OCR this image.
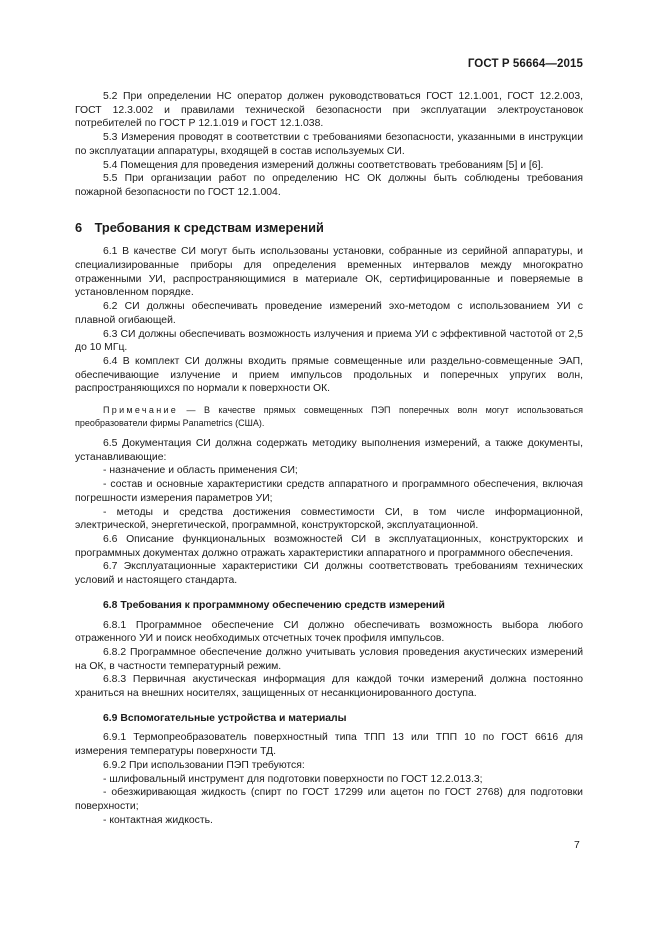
ГОСТ Р 56664—2015

5.2 При определении НС оператор должен руководствоваться ГОСТ 12.1.001, ГОСТ 12.2.003, ГОСТ 12.3.002 и правилами технической безопасности при эксплуатации электроустановок потребителей по ГОСТ Р 12.1.019 и ГОСТ 12.1.038.

5.3 Измерения проводят в соответствии с требованиями безопасности, указанными в инструкции по эксплуатации аппаратуры, входящей в состав используемых СИ.

5.4 Помещения для проведения измерений должны соответствовать требованиям [5] и [6].

5.5 При организации работ по определению НС ОК должны быть соблюдены требования пожарной безопасности по ГОСТ 12.1.004.

6 Требования к средствам измерений

6.1 В качестве СИ могут быть использованы установки, собранные из серийной аппаратуры, и специализированные приборы для определения временных интервалов между многократно отраженными УИ, распространяющимися в материале ОК, сертифицированные и поверяемые в установленном порядке.

6.2 СИ должны обеспечивать проведение измерений эхо-методом с использованием УИ с плавной огибающей.

6.3 СИ должны обеспечивать возможность излучения и приема УИ с эффективной частотой от 2,5 до 10 МГц.

6.4 В комплект СИ должны входить прямые совмещенные или раздельно-совмещенные ЭАП, обеспечивающие излучение и прием импульсов продольных и поперечных упругих волн, распространяющихся по нормали к поверхности ОК.

Примечание — В качестве прямых совмещенных ПЭП поперечных волн могут использоваться преобразователи фирмы Panametrics (США).

6.5 Документация СИ должна содержать методику выполнения измерений, а также документы, устанавливающие:

- назначение и область применения СИ;

- состав и основные характеристики средств аппаратного и программного обеспечения, включая погрешности измерения параметров УИ;

- методы и средства достижения совместимости СИ, в том числе информационной, электрической, энергетической, программной, конструкторской, эксплуатационной.

6.6 Описание функциональных возможностей СИ в эксплуатационных, конструкторских и программных документах должно отражать характеристики аппаратного и программного обеспечения.

6.7 Эксплуатационные характеристики СИ должны соответствовать требованиям технических условий и настоящего стандарта.

6.8 Требования к программному обеспечению средств измерений

6.8.1 Программное обеспечение СИ должно обеспечивать возможность выбора любого отраженного УИ и поиск необходимых отсчетных точек профиля импульсов.

6.8.2 Программное обеспечение должно учитывать условия проведения акустических измерений на ОК, в частности температурный режим.

6.8.3 Первичная акустическая информация для каждой точки измерений должна постоянно храниться на внешних носителях, защищенных от несанкционированного доступа.

6.9 Вспомогательные устройства и материалы

6.9.1 Термопреобразователь поверхностный типа ТПП 13 или ТПП 10 по ГОСТ 6616 для измерения температуры поверхности ТД.

6.9.2 При использовании ПЭП требуются:

- шлифовальный инструмент для подготовки поверхности по ГОСТ 12.2.013.3;

- обезжиривающая жидкость (спирт по ГОСТ 17299 или ацетон по ГОСТ 2768) для подготовки поверхности;

- контактная жидкость.

7
